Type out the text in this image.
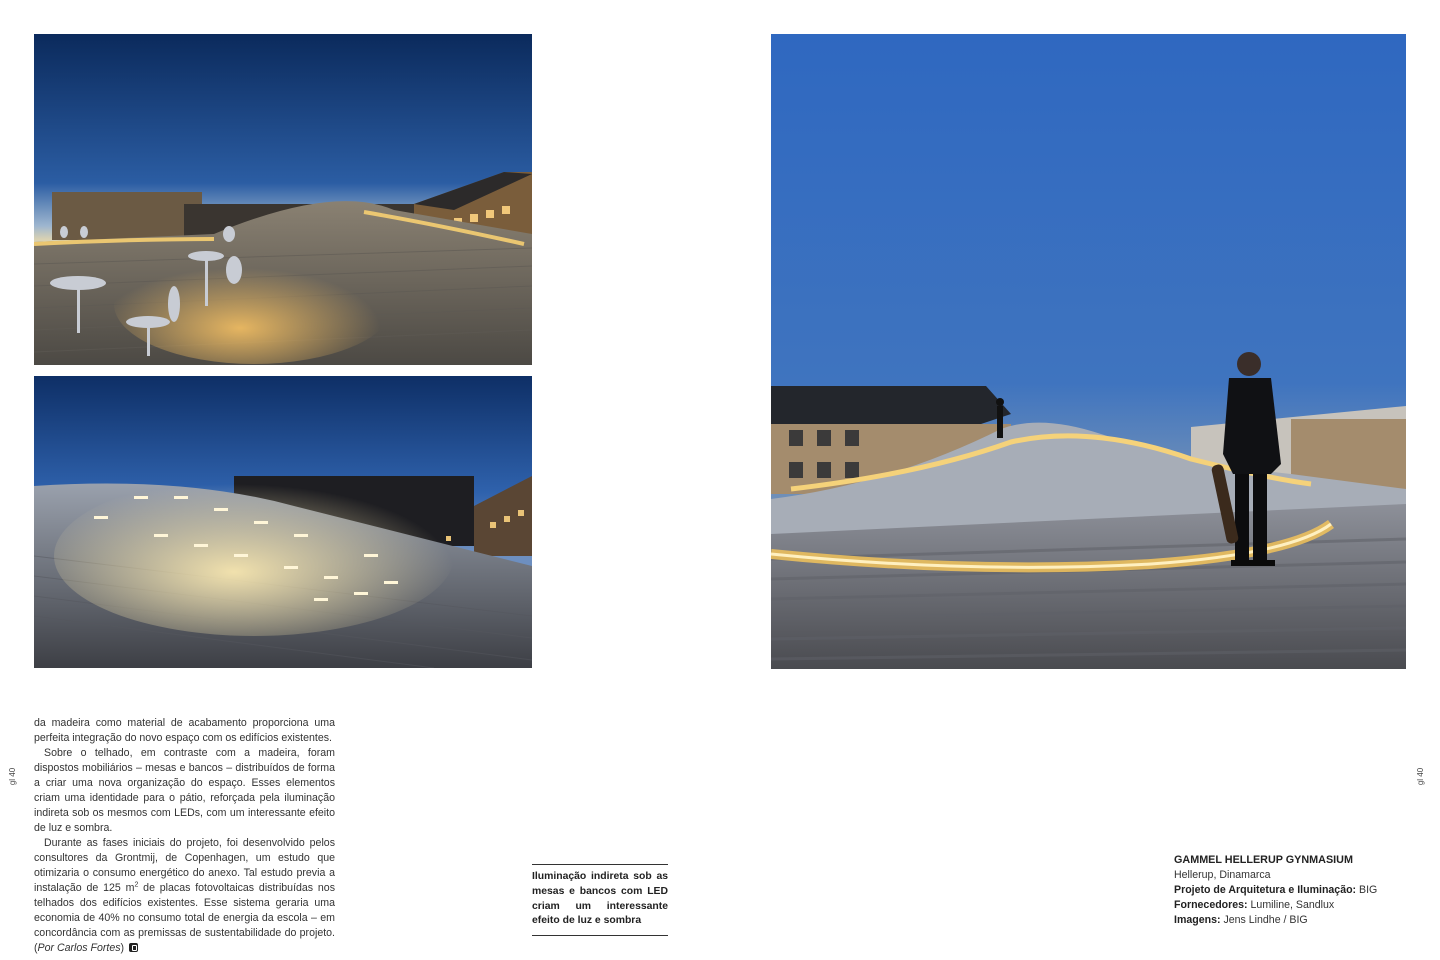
da madeira como material de acabamento proporciona uma perfeita integração do novo espaço com os edifícios existentes.

Sobre o telhado, em contraste com a madeira, foram dispostos mobiliários – mesas e bancos – distribuídos de forma a criar uma nova organização do espaço. Esses elementos criam uma identidade para o pátio, reforçada pela iluminação indireta sob os mesmos com LEDs, com um interessante efeito de luz e sombra.

Durante as fases iniciais do projeto, foi desenvolvido pelos consultores da Grontmij, de Copenhagen, um estudo que otimizaria o consumo energético do anexo. Tal estudo previa a instalação de 125 $m^2$ de placas fotovoltaicas distribuídas nos telhados dos edifícios existentes. Esse sistema geraria uma economia de 40% no consumo total de energia da escola – em concordância com as premissas de sustentabilidade do projeto. (Por Carlos Fortes)

Iluminação indireta sob as mesas e bancos com LED criam um interessante efeito de luz e sombra
GAMMEL HELLERUP GYNMASIUM
Hellerup, Dinamarca
Projeto de Arquitetura e Iluminação: BIG
Fornecedores: Lumiline, Sandlux
Imagens: Jens Lindhe / BIG
gl 40	gl 40
